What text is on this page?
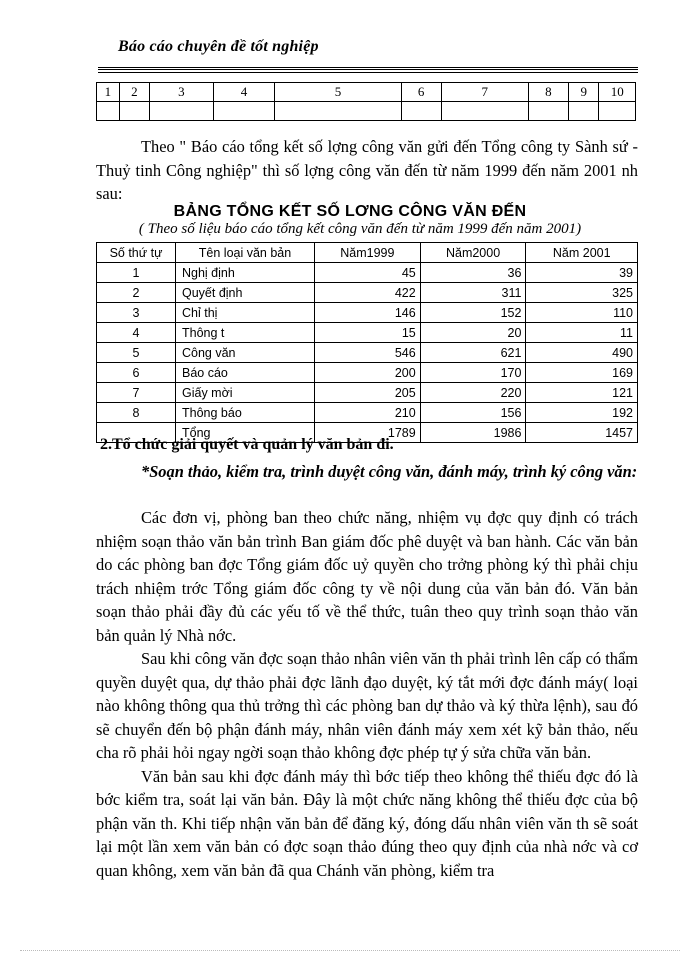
Báo cáo chuyên đề tốt nghiệp
1	2	3	4	5	6	7	8	9	10

Theo " Báo cáo tổng kết số lợng công văn gửi đến Tổng công ty Sành sứ - Thuỷ tinh Công nghiệp" thì số lợng công văn đến từ năm 1999 đến năm 2001 nh sau:

BẢNG TỔNG KẾT SỐ LƠNG CÔNG VĂN ĐẾN
( Theo số liệu báo cáo tổng kết công văn đến từ năm 1999 đến năm 2001)
Số thứ tự	Tên loại văn bản	Năm1999	Năm2000	Năm 2001
1	Nghị định	45	36	39
2	Quyết định	422	311	325
3	Chỉ thị	146	152	110
4	Thông t	15	20	11
5	Công văn	546	621	490
6	Báo cáo	200	170	169
7	Giấy mời	205	220	121
8	Thông báo	210	156	192
	Tổng	1789	1986	1457
2.Tổ chức giải quyết và quản lý văn bản đi.
*Soạn thảo, kiểm tra, trình duyệt công văn, đánh máy, trình ký công văn:

Các đơn vị, phòng ban theo chức năng, nhiệm vụ đợc quy định có trách nhiệm soạn thảo văn bản trình Ban giám đốc phê duyệt và ban hành. Các văn bản do các phòng ban đợc Tổng giám đốc uỷ quyền cho trởng phòng ký thì phải chịu trách nhiệm trớc Tổng giám đốc công ty về nội dung của văn bản đó. Văn bản soạn thảo phải đầy đủ các yếu tố về thể thức, tuân theo quy trình soạn thảo văn bản quản lý Nhà nớc.

Sau khi công văn đợc soạn thảo nhân viên văn th phải trình lên cấp có thẩm quyền duyệt qua, dự thảo phải đợc lãnh đạo duyệt, ký tắt mới đợc đánh máy( loại nào không thông qua thủ trởng thì các phòng ban dự thảo và ký thừa lệnh), sau đó sẽ chuyển đến bộ phận đánh máy, nhân viên đánh máy xem xét kỹ bản thảo, nếu cha rõ phải hỏi ngay ngời soạn thảo không đợc phép tự ý sửa chữa văn bản.

Văn bản sau khi đợc đánh máy thì bớc tiếp theo không thể thiếu đợc đó là bớc kiểm tra, soát lại văn bản. Đây là một chức năng không thể thiếu đợc của bộ phận văn th. Khi tiếp nhận văn bản để đăng ký, đóng dấu nhân viên văn th sẽ soát lại một lần xem văn bản có đợc soạn thảo đúng theo quy định của nhà nớc và cơ quan không, xem văn bản đã qua Chánh văn phòng, kiểm tra
